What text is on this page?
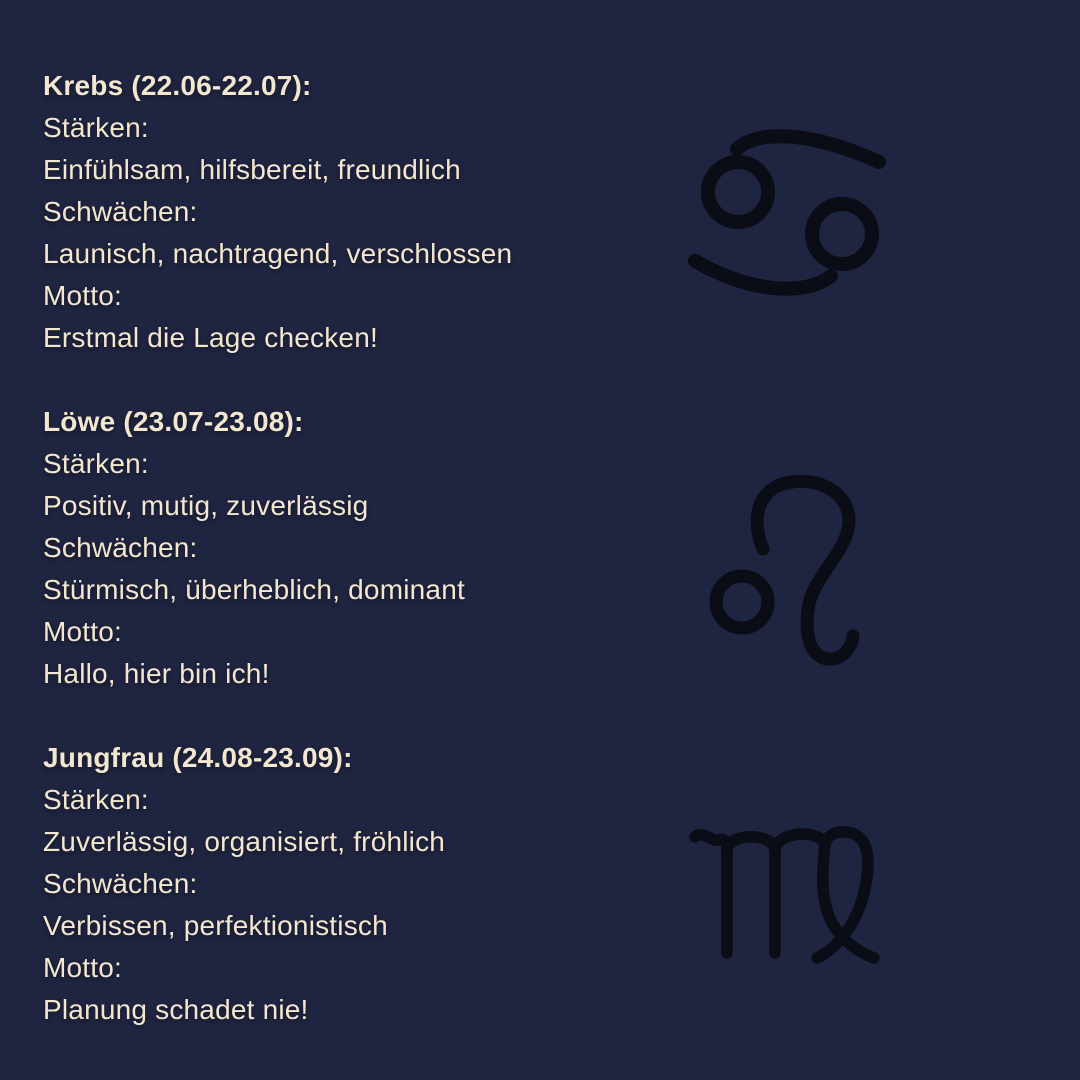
Krebs (22.06-22.07):
Stärken:
Einfühlsam, hilfsbereit, freundlich
Schwächen:
Launisch, nachtragend, verschlossen
Motto:
Erstmal die Lage checken!
Löwe (23.07-23.08):
Stärken:
Positiv, mutig, zuverlässig
Schwächen:
Stürmisch, überheblich, dominant
Motto:
Hallo, hier bin ich!
Jungfrau (24.08-23.09):
Stärken:
Zuverlässig, organisiert, fröhlich
Schwächen:
Verbissen, perfektionistisch
Motto:
Planung schadet nie!
